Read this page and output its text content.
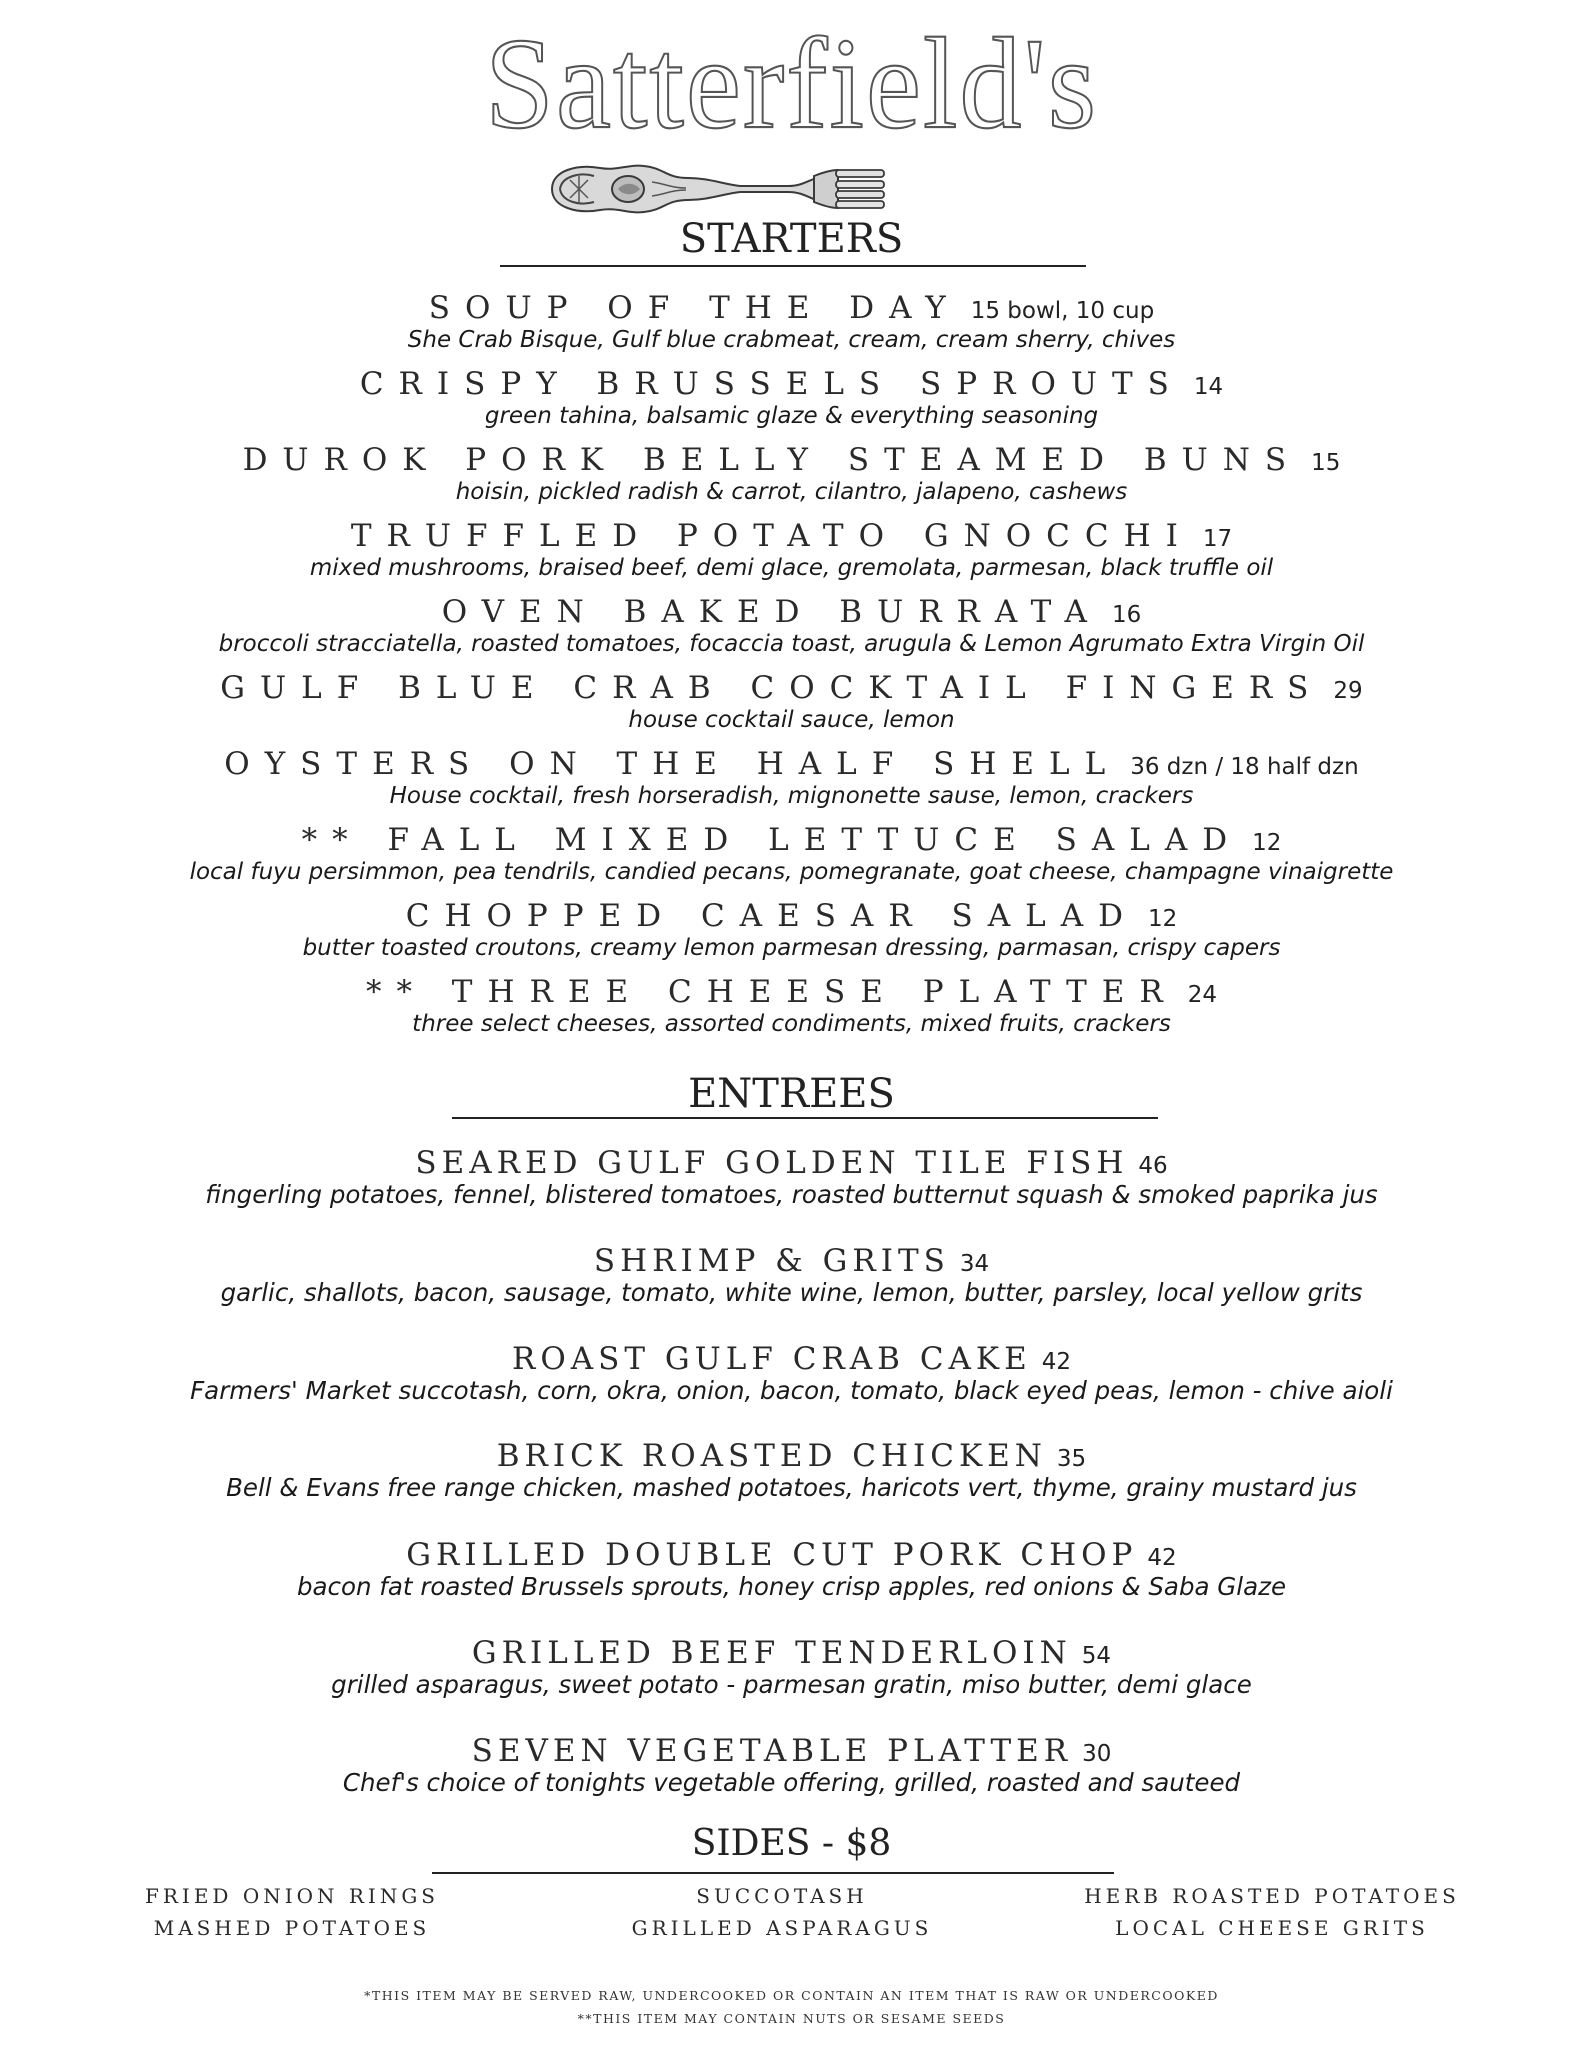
Satterfield's
STARTERS
SOUP OF THE DAY 15 bowl, 10 cup
She Crab Bisque, Gulf blue crabmeat, cream, cream sherry, chives
CRISPY BRUSSELS SPROUTS 14
green tahina, balsamic glaze & everything seasoning
DUROK PORK BELLY STEAMED BUNS 15
hoisin, pickled radish & carrot, cilantro, jalapeno, cashews
TRUFFLED POTATO GNOCCHI 17
mixed mushrooms, braised beef, demi glace, gremolata, parmesan, black truffle oil
OVEN BAKED BURRATA 16
broccoli stracciatella, roasted tomatoes, focaccia toast, arugula & Lemon Agrumato Extra Virgin Oil
GULF BLUE CRAB COCKTAIL FINGERS 29
house cocktail sauce, lemon
OYSTERS ON THE HALF SHELL 36 dzn / 18 half dzn
House cocktail, fresh horseradish, mignonette sause, lemon, crackers
** FALL MIXED LETTUCE SALAD 12
local fuyu persimmon, pea tendrils, candied pecans, pomegranate, goat cheese, champagne vinaigrette
CHOPPED CAESAR SALAD 12
butter toasted croutons, creamy lemon parmesan dressing, parmasan, crispy capers
** THREE CHEESE PLATTER 24
three select cheeses, assorted condiments, mixed fruits, crackers
ENTREES
SEARED GULF GOLDEN TILE FISH 46
fingerling potatoes, fennel, blistered tomatoes, roasted butternut squash & smoked paprika jus
SHRIMP & GRITS 34
garlic, shallots, bacon, sausage, tomato, white wine, lemon, butter, parsley, local yellow grits
ROAST GULF CRAB CAKE 42
Farmers' Market succotash, corn, okra, onion, bacon, tomato, black eyed peas, lemon - chive aioli
BRICK ROASTED CHICKEN 35
Bell & Evans free range chicken, mashed potatoes, haricots vert, thyme, grainy mustard jus
GRILLED DOUBLE CUT PORK CHOP 42
bacon fat roasted Brussels sprouts, honey crisp apples, red onions & Saba Glaze
GRILLED BEEF TENDERLOIN 54
grilled asparagus, sweet potato - parmesan gratin, miso butter, demi glace
SEVEN VEGETABLE PLATTER 30
Chef's choice of tonights vegetable offering, grilled, roasted and sauteed
SIDES - $8
FRIED ONION RINGS
MASHED POTATOES
SUCCOTASH
GRILLED ASPARAGUS
HERB ROASTED POTATOES
LOCAL CHEESE GRITS
*THIS ITEM MAY BE SERVED RAW, UNDERCOOKED OR CONTAIN AN ITEM THAT IS RAW OR UNDERCOOKED
**THIS ITEM MAY CONTAIN NUTS OR SESAME SEEDS
